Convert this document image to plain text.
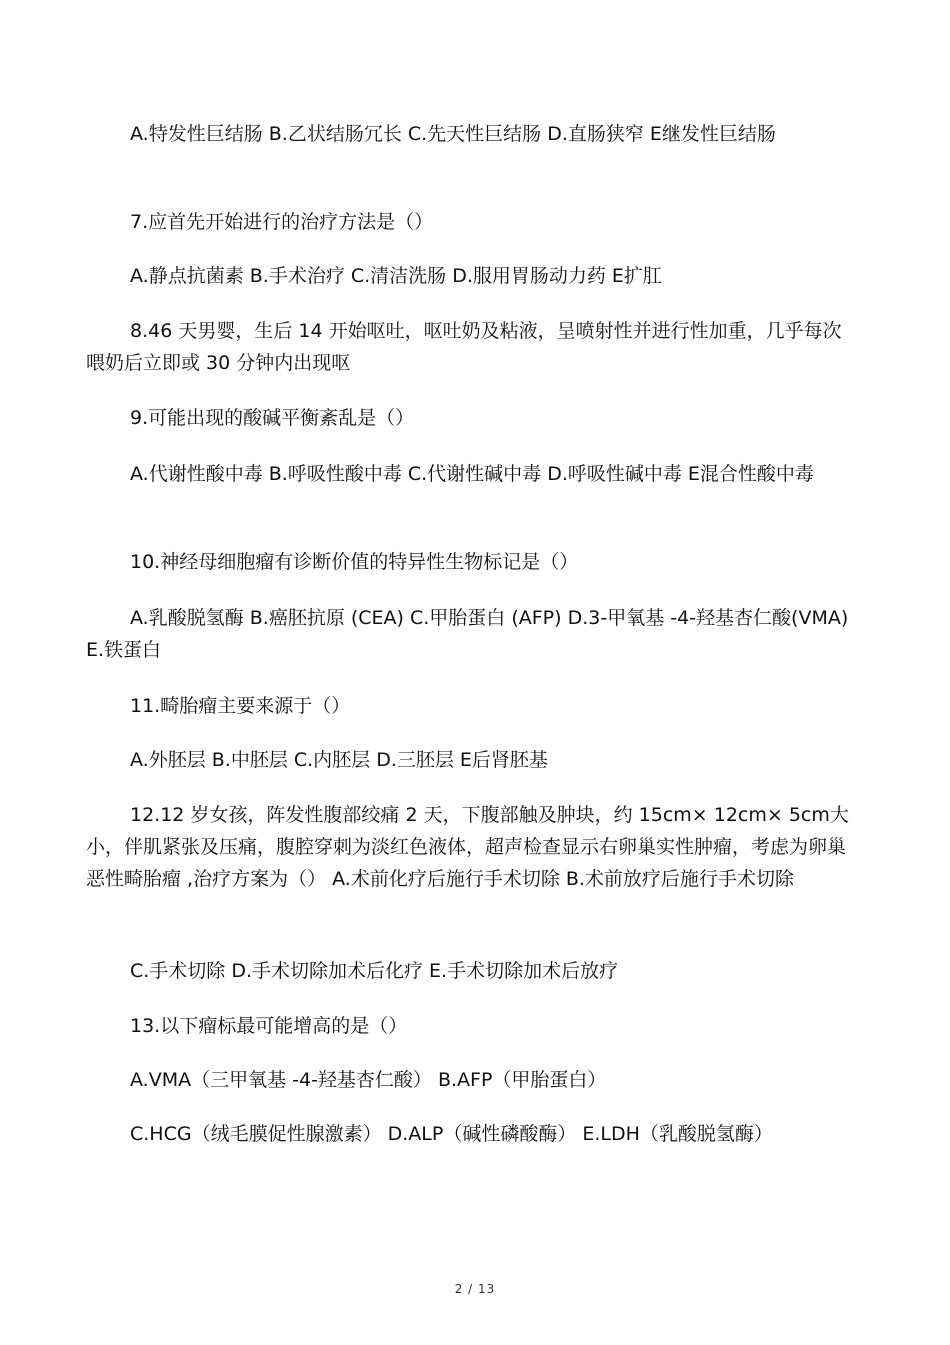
A.特发性巨结肠 B.乙状结肠冗长 C.先天性巨结肠 D.直肠狭窄 E继发性巨结肠

7.应首先开始进行的治疗方法是（）

A.静点抗菌素 B.手术治疗 C.清洁洗肠 D.服用胃肠动力药 E扩肛

8.46 天男婴，生后 14 开始呕吐，呕吐奶及粘液，呈喷射性并进行性加重，几乎每次喂奶后立即或 30 分钟内出现呕

9.可能出现的酸碱平衡紊乱是（）

A.代谢性酸中毒 B.呼吸性酸中毒 C.代谢性碱中毒 D.呼吸性碱中毒 E混合性酸中毒

10.神经母细胞瘤有诊断价值的特异性生物标记是（）

A.乳酸脱氢酶 B.癌胚抗原 (CEA) C.甲胎蛋白 (AFP) D.3-甲氧基 -4-羟基杏仁酸(VMA) E.铁蛋白

11.畸胎瘤主要来源于（）

A.外胚层 B.中胚层 C.内胚层 D.三胚层 E后肾胚基

12.12 岁女孩，阵发性腹部绞痛 2 天，下腹部触及肿块，约 15cm× 12cm× 5cm大小，伴肌紧张及压痛，腹腔穿刺为淡红色液体，超声检查显示右卵巢实性肿瘤，考虑为卵巢恶性畸胎瘤 ,治疗方案为（） A.术前化疗后施行手术切除 B.术前放疗后施行手术切除

C.手术切除 D.手术切除加术后化疗 E.手术切除加术后放疗

13.以下瘤标最可能增高的是（）

A.VMA（三甲氧基 -4-羟基杏仁酸） B.AFP（甲胎蛋白）

C.HCG（绒毛膜促性腺激素） D.ALP（碱性磷酸酶） E.LDH（乳酸脱氢酶）

2 / 13
